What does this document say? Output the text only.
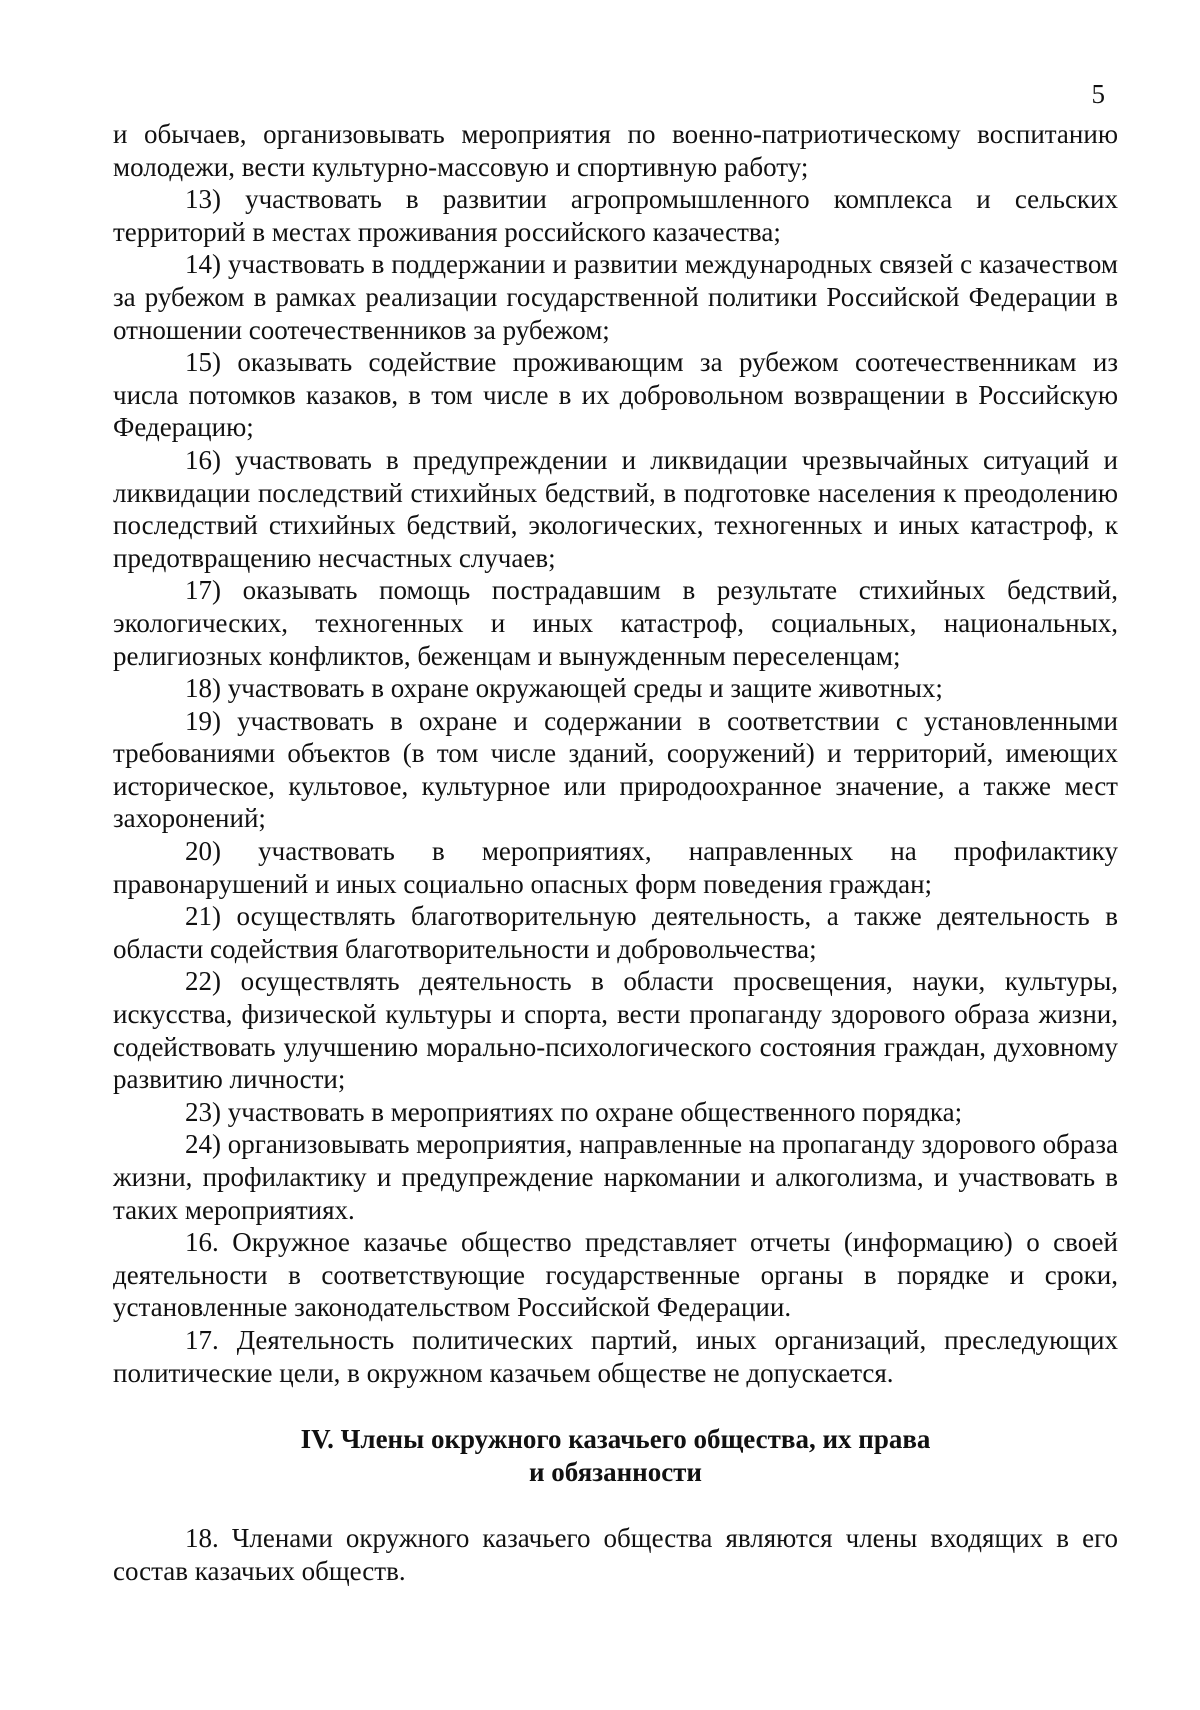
5

и обычаев, организовывать мероприятия по военно-патриотическому воспитанию молодежи, вести культурно-массовую и спортивную работу;

13) участвовать в развитии агропромышленного комплекса и сельских территорий в местах проживания российского казачества;

14) участвовать в поддержании и развитии международных связей с казачеством за рубежом в рамках реализации государственной политики Российской Федерации в отношении соотечественников за рубежом;

15) оказывать содействие проживающим за рубежом соотечественникам из числа потомков казаков, в том числе в их добровольном возвращении в Российскую Федерацию;

16) участвовать в предупреждении и ликвидации чрезвычайных ситуаций и ликвидации последствий стихийных бедствий, в подготовке населения к преодолению последствий стихийных бедствий, экологических, техногенных и иных катастроф, к предотвращению несчастных случаев;

17) оказывать помощь пострадавшим в результате стихийных бедствий, экологических, техногенных и иных катастроф, социальных, национальных, религиозных конфликтов, беженцам и вынужденным переселенцам;

18) участвовать в охране окружающей среды и защите животных;

19) участвовать в охране и содержании в соответствии с установленными требованиями объектов (в том числе зданий, сооружений) и территорий, имеющих историческое, культовое, культурное или природоохранное значение, а также мест захоронений;

20) участвовать в мероприятиях, направленных на профилактику правонарушений и иных социально опасных форм поведения граждан;

21) осуществлять благотворительную деятельность, а также деятельность в области содействия благотворительности и добровольчества;

22) осуществлять деятельность в области просвещения, науки, культуры, искусства, физической культуры и спорта, вести пропаганду здорового образа жизни, содействовать улучшению морально-психологического состояния граждан, духовному развитию личности;

23) участвовать в мероприятиях по охране общественного порядка;

24) организовывать мероприятия, направленные на пропаганду здорового образа жизни, профилактику и предупреждение наркомании и алкоголизма, и участвовать в таких мероприятиях.

16. Окружное казачье общество представляет отчеты (информацию) о своей деятельности в соответствующие государственные органы в порядке и сроки, установленные законодательством Российской Федерации.

17. Деятельность политических партий, иных организаций, преследующих политические цели, в окружном казачьем обществе не допускается.

IV. Члены окружного казачьего общества, их права
и обязанности

18. Членами окружного казачьего общества являются члены входящих в его состав казачьих обществ.
